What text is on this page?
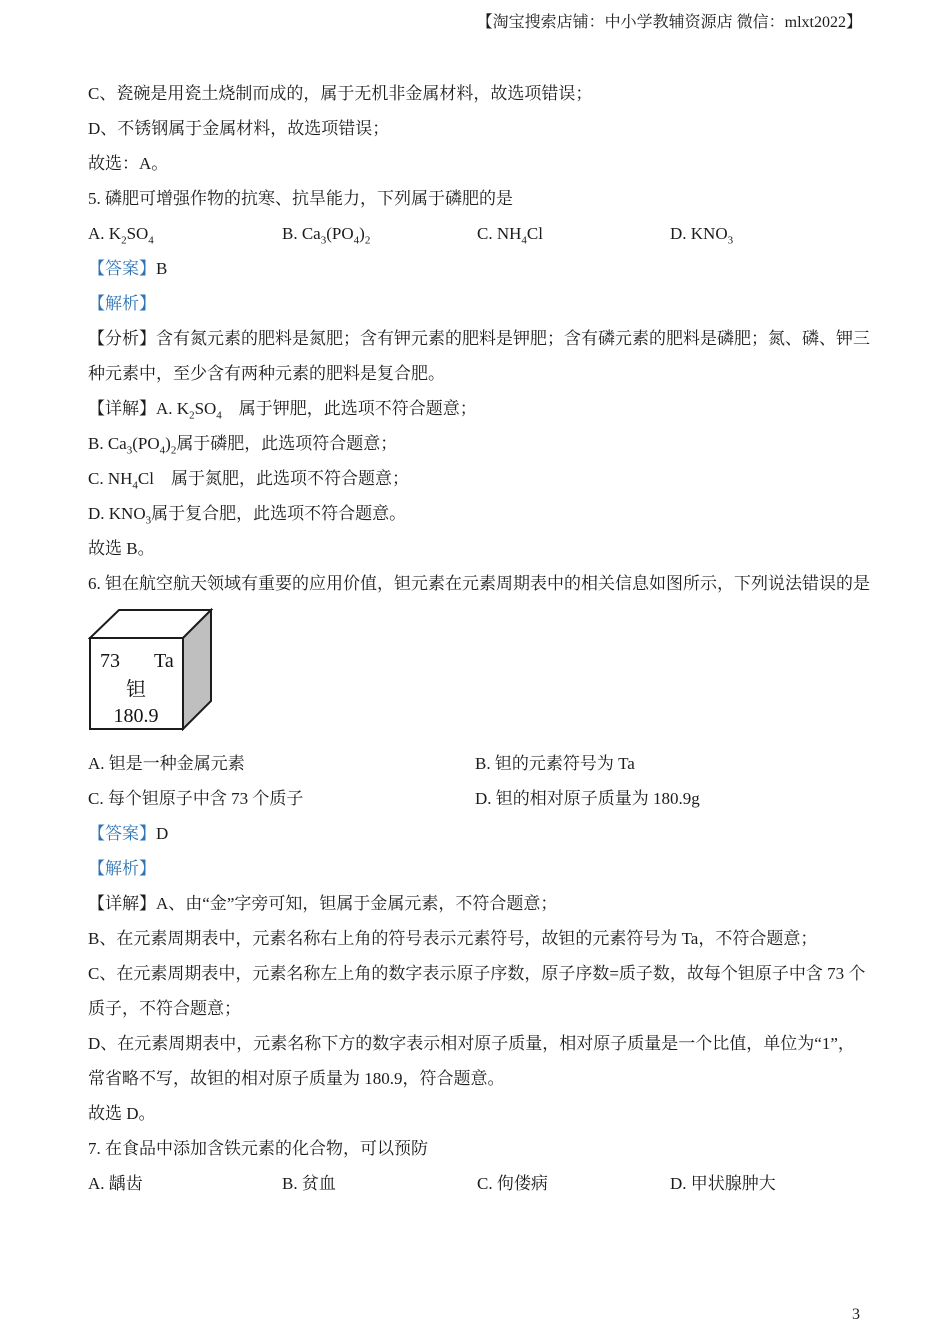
【淘宝搜索店铺：中小学教辅资源店 微信：mlxt2022】
C、瓷碗是用瓷土烧制而成的，属于无机非金属材料，故选项错误；
D、不锈钢属于金属材料，故选项错误；
故选：A。
5. 磷肥可增强作物的抗寒、抗旱能力，下列属于磷肥的是
A. $K_2SO_4$	B. $Ca_3(PO_4)_2$	C. $NH_4Cl$	D. $KNO_3$
【答案】B
【解析】
【分析】含有氮元素的肥料是氮肥；含有钾元素的肥料是钾肥；含有磷元素的肥料是磷肥；氮、磷、钾三
种元素中，至少含有两种元素的肥料是复合肥。
【详解】A. $K_2SO_4$　属于钾肥，此选项不符合题意；
B. $Ca_3(PO_4)_2$属于磷肥，此选项符合题意；
C. $NH_4Cl$　属于氮肥，此选项不符合题意；
D. $KNO_3$属于复合肥，此选项不符合题意。
故选 B。
6. 钽在航空航天领域有重要的应用价值，钽元素在元素周期表中的相关信息如图所示，下列说法错误的是
73 Ta
钽
180.9
A. 钽是一种金属元素	B. 钽的元素符号为 Ta
C. 每个钽原子中含 73 个质子	D. 钽的相对原子质量为 180.9g
【答案】D
【解析】
【详解】A、由“金”字旁可知，钽属于金属元素，不符合题意；
B、在元素周期表中，元素名称右上角的符号表示元素符号，故钽的元素符号为 Ta，不符合题意；
C、在元素周期表中，元素名称左上角的数字表示原子序数，原子序数=质子数，故每个钽原子中含 73 个
质子，不符合题意；
D、在元素周期表中，元素名称下方的数字表示相对原子质量，相对原子质量是一个比值，单位为“1”，
常省略不写，故钽的相对原子质量为 180.9，符合题意。
故选 D。
7. 在食品中添加含铁元素的化合物，可以预防
A. 龋齿	B. 贫血	C. 佝偻病	D. 甲状腺肿大
3
